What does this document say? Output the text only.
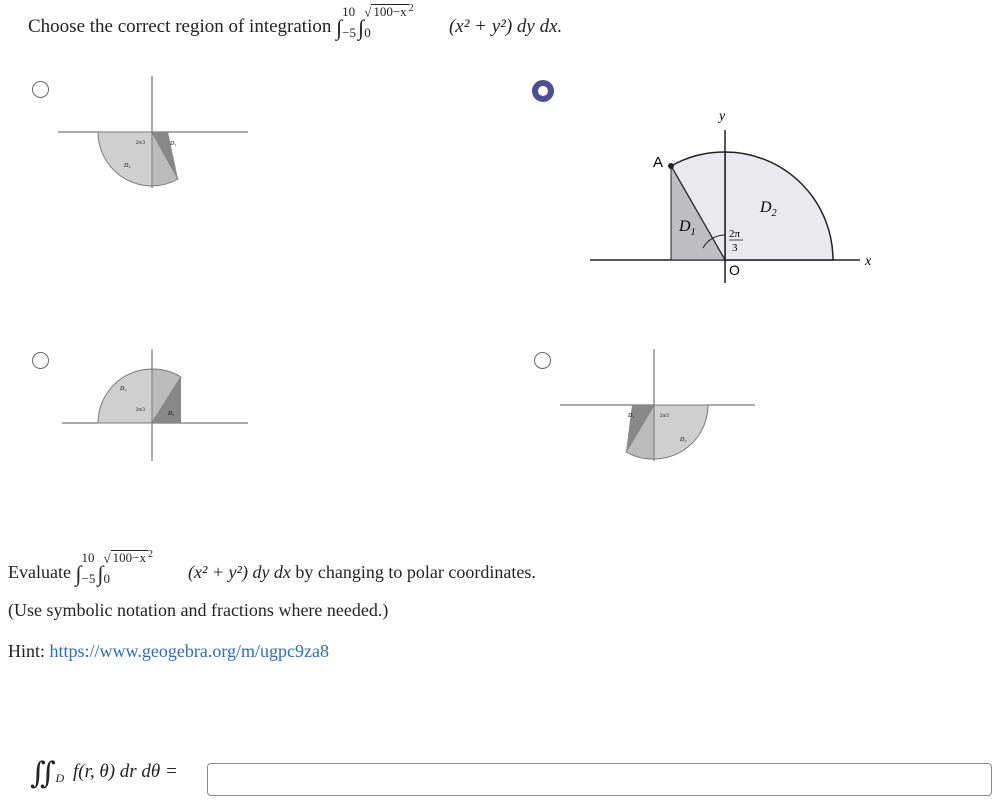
Choose the correct region of integration ∫
10
−5 ∫
√ 100−x $^2$
0	(x² + y²) dy dx.
D₂
D₁
2π/3
A
y
x
O
$D_1$
$D_2$
2π
3
D₂
D₁
2π/3
D₂
D₁	2π/3
Evaluate ∫
10
−5 ∫
√ 100−x $^2$
0	(x² + y²) dy dx by changing to polar coordinates.
(Use symbolic notation and fractions where needed.)
Hint: https://www.geogebra.org/m/ugpc9za8
$∬_D$ f(r, θ) dr dθ =
